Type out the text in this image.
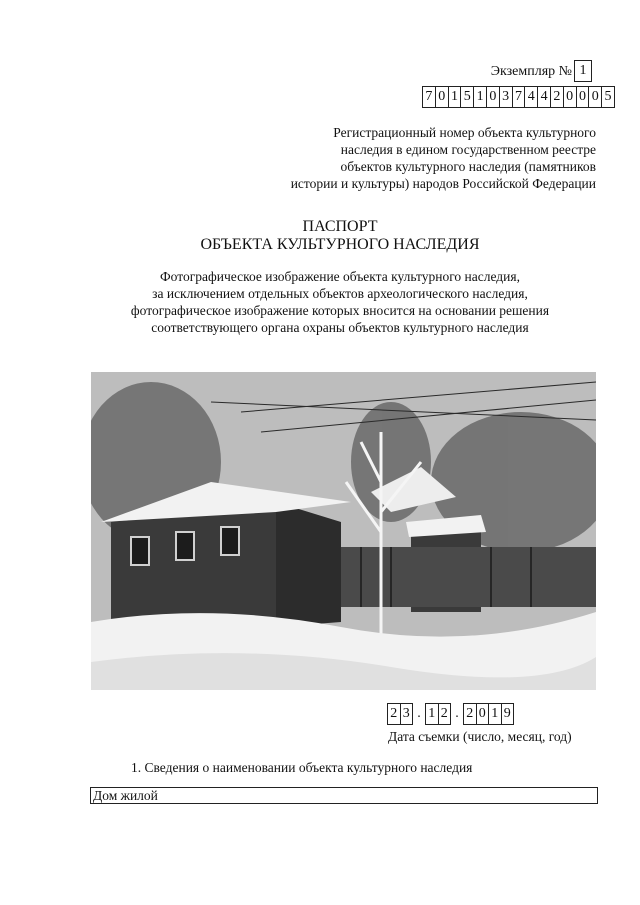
Экземпляр № 1
7 0 1 5 1 0 3 7 4 4 2 0 0 0 5
Регистрационный номер объекта культурного
наследия в едином государственном реестре
объектов культурного наследия (памятников
истории и культуры) народов Российской Федерации
ПАСПОРТ
ОБЪЕКТА КУЛЬТУРНОГО НАСЛЕДИЯ
Фотографическое изображение объекта культурного наследия,
за исключением отдельных объектов археологического наследия,
фотографическое изображение которых вносится на основании решения
соответствующего органа охраны объектов культурного наследия
2 3 . 1 2 . 2 0 1 9
Дата съемки (число, месяц, год)
1. Сведения о наименовании объекта культурного наследия
Дом жилой
